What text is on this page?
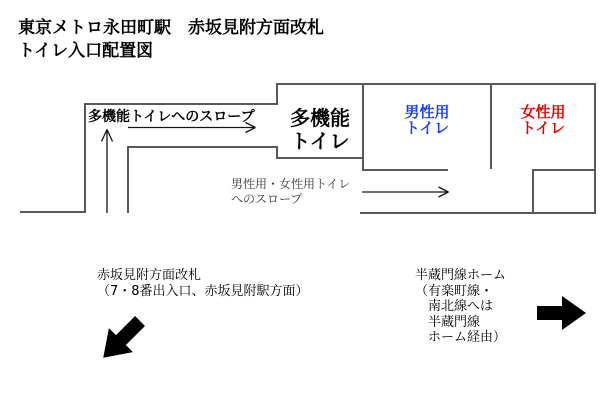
東京メトロ永田町駅　赤坂見附方面改札
トイレ入口配置図
多機能トイレへのスロープ	多機能
トイレ
男性用
トイレ
女性用
トイレ
男性用・女性用トイレ
へのスロープ
赤坂見附方面改札
（7・8番出入口、赤坂見附駅方面）
半蔵門線ホーム
（有楽町線・
　南北線へは
　半蔵門線
　ホーム経由）
